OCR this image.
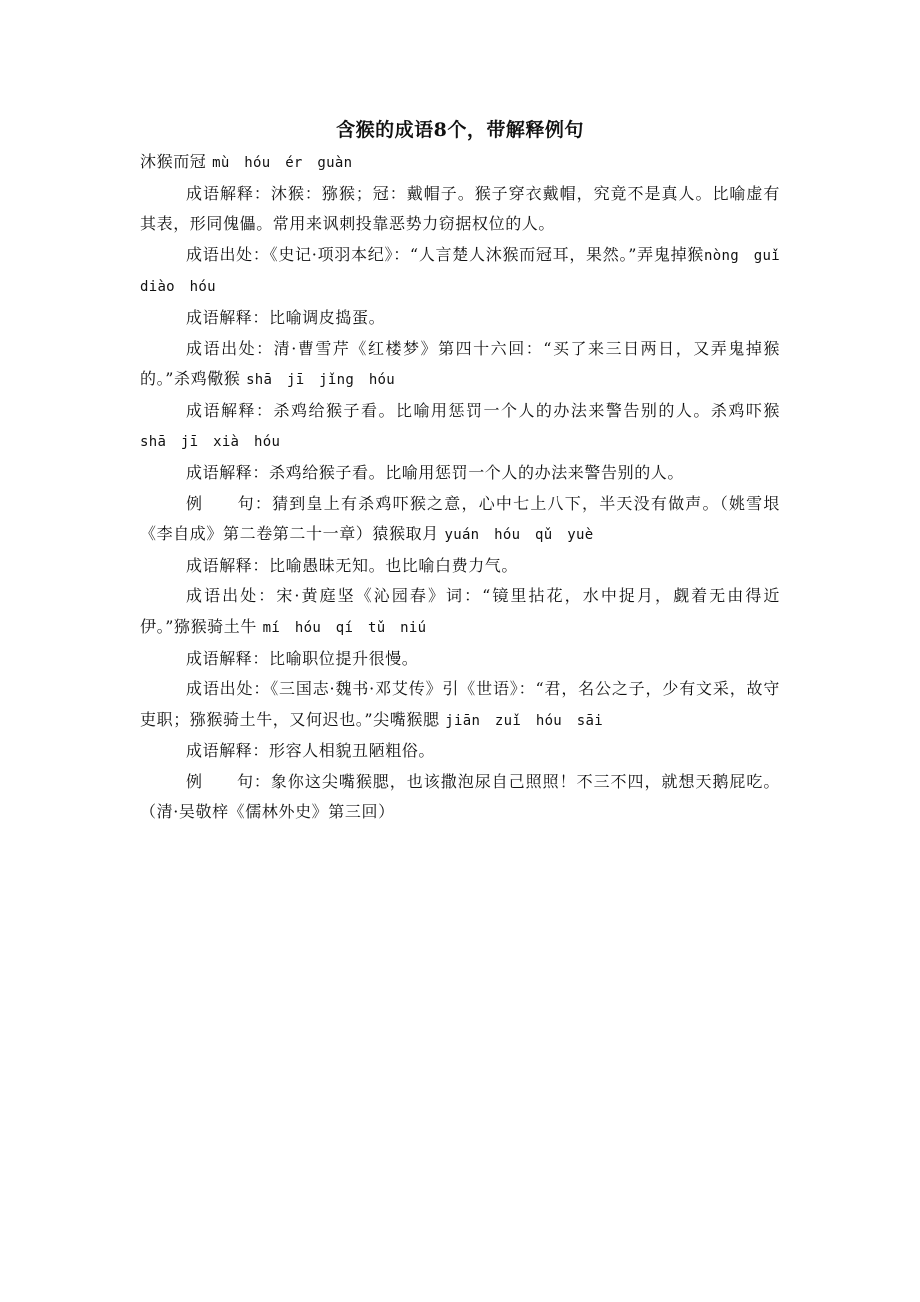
含猴的成语8个，带解释例句

沐猴而冠 mù hóu ér guàn

成语解释：沐猴：猕猴；冠：戴帽子。猴子穿衣戴帽，究竟不是真人。比喻虚有其表，形同傀儡。常用来讽刺投靠恶势力窃据权位的人。

成语出处：《史记·项羽本纪》：“人言楚人沐猴而冠耳，果然。”弄鬼掉猴nòng guǐ diào hóu

成语解释：比喻调皮捣蛋。

成语出处：清·曹雪芹《红楼梦》第四十六回：“买了来三日两日，又弄鬼掉猴的。”杀鸡儆猴 shā jī jǐng hóu

成语解释：杀鸡给猴子看。比喻用惩罚一个人的办法来警告别的人。杀鸡吓猴 shā jī xià hóu

成语解释：杀鸡给猴子看。比喻用惩罚一个人的办法来警告别的人。

例　　句：猜到皇上有杀鸡吓猴之意，心中七上八下，半天没有做声。（姚雪垠《李自成》第二卷第二十一章）猿猴取月 yuán hóu qǔ yuè

成语解释：比喻愚昧无知。也比喻白费力气。

成语出处：宋·黄庭坚《沁园春》词：“镜里拈花，水中捉月，觑着无由得近伊。”猕猴骑土牛 mí hóu qí tǔ niú

成语解释：比喻职位提升很慢。

成语出处：《三国志·魏书·邓艾传》引《世语》：“君，名公之子，少有文采，故守吏职；猕猴骑土牛，又何迟也。”尖嘴猴腮 jiān zuǐ hóu sāi

成语解释：形容人相貌丑陋粗俗。

例　　句：象你这尖嘴猴腮，也该撒泡尿自己照照！不三不四，就想天鹅屁吃。（清·吴敬梓《儒林外史》第三回）
